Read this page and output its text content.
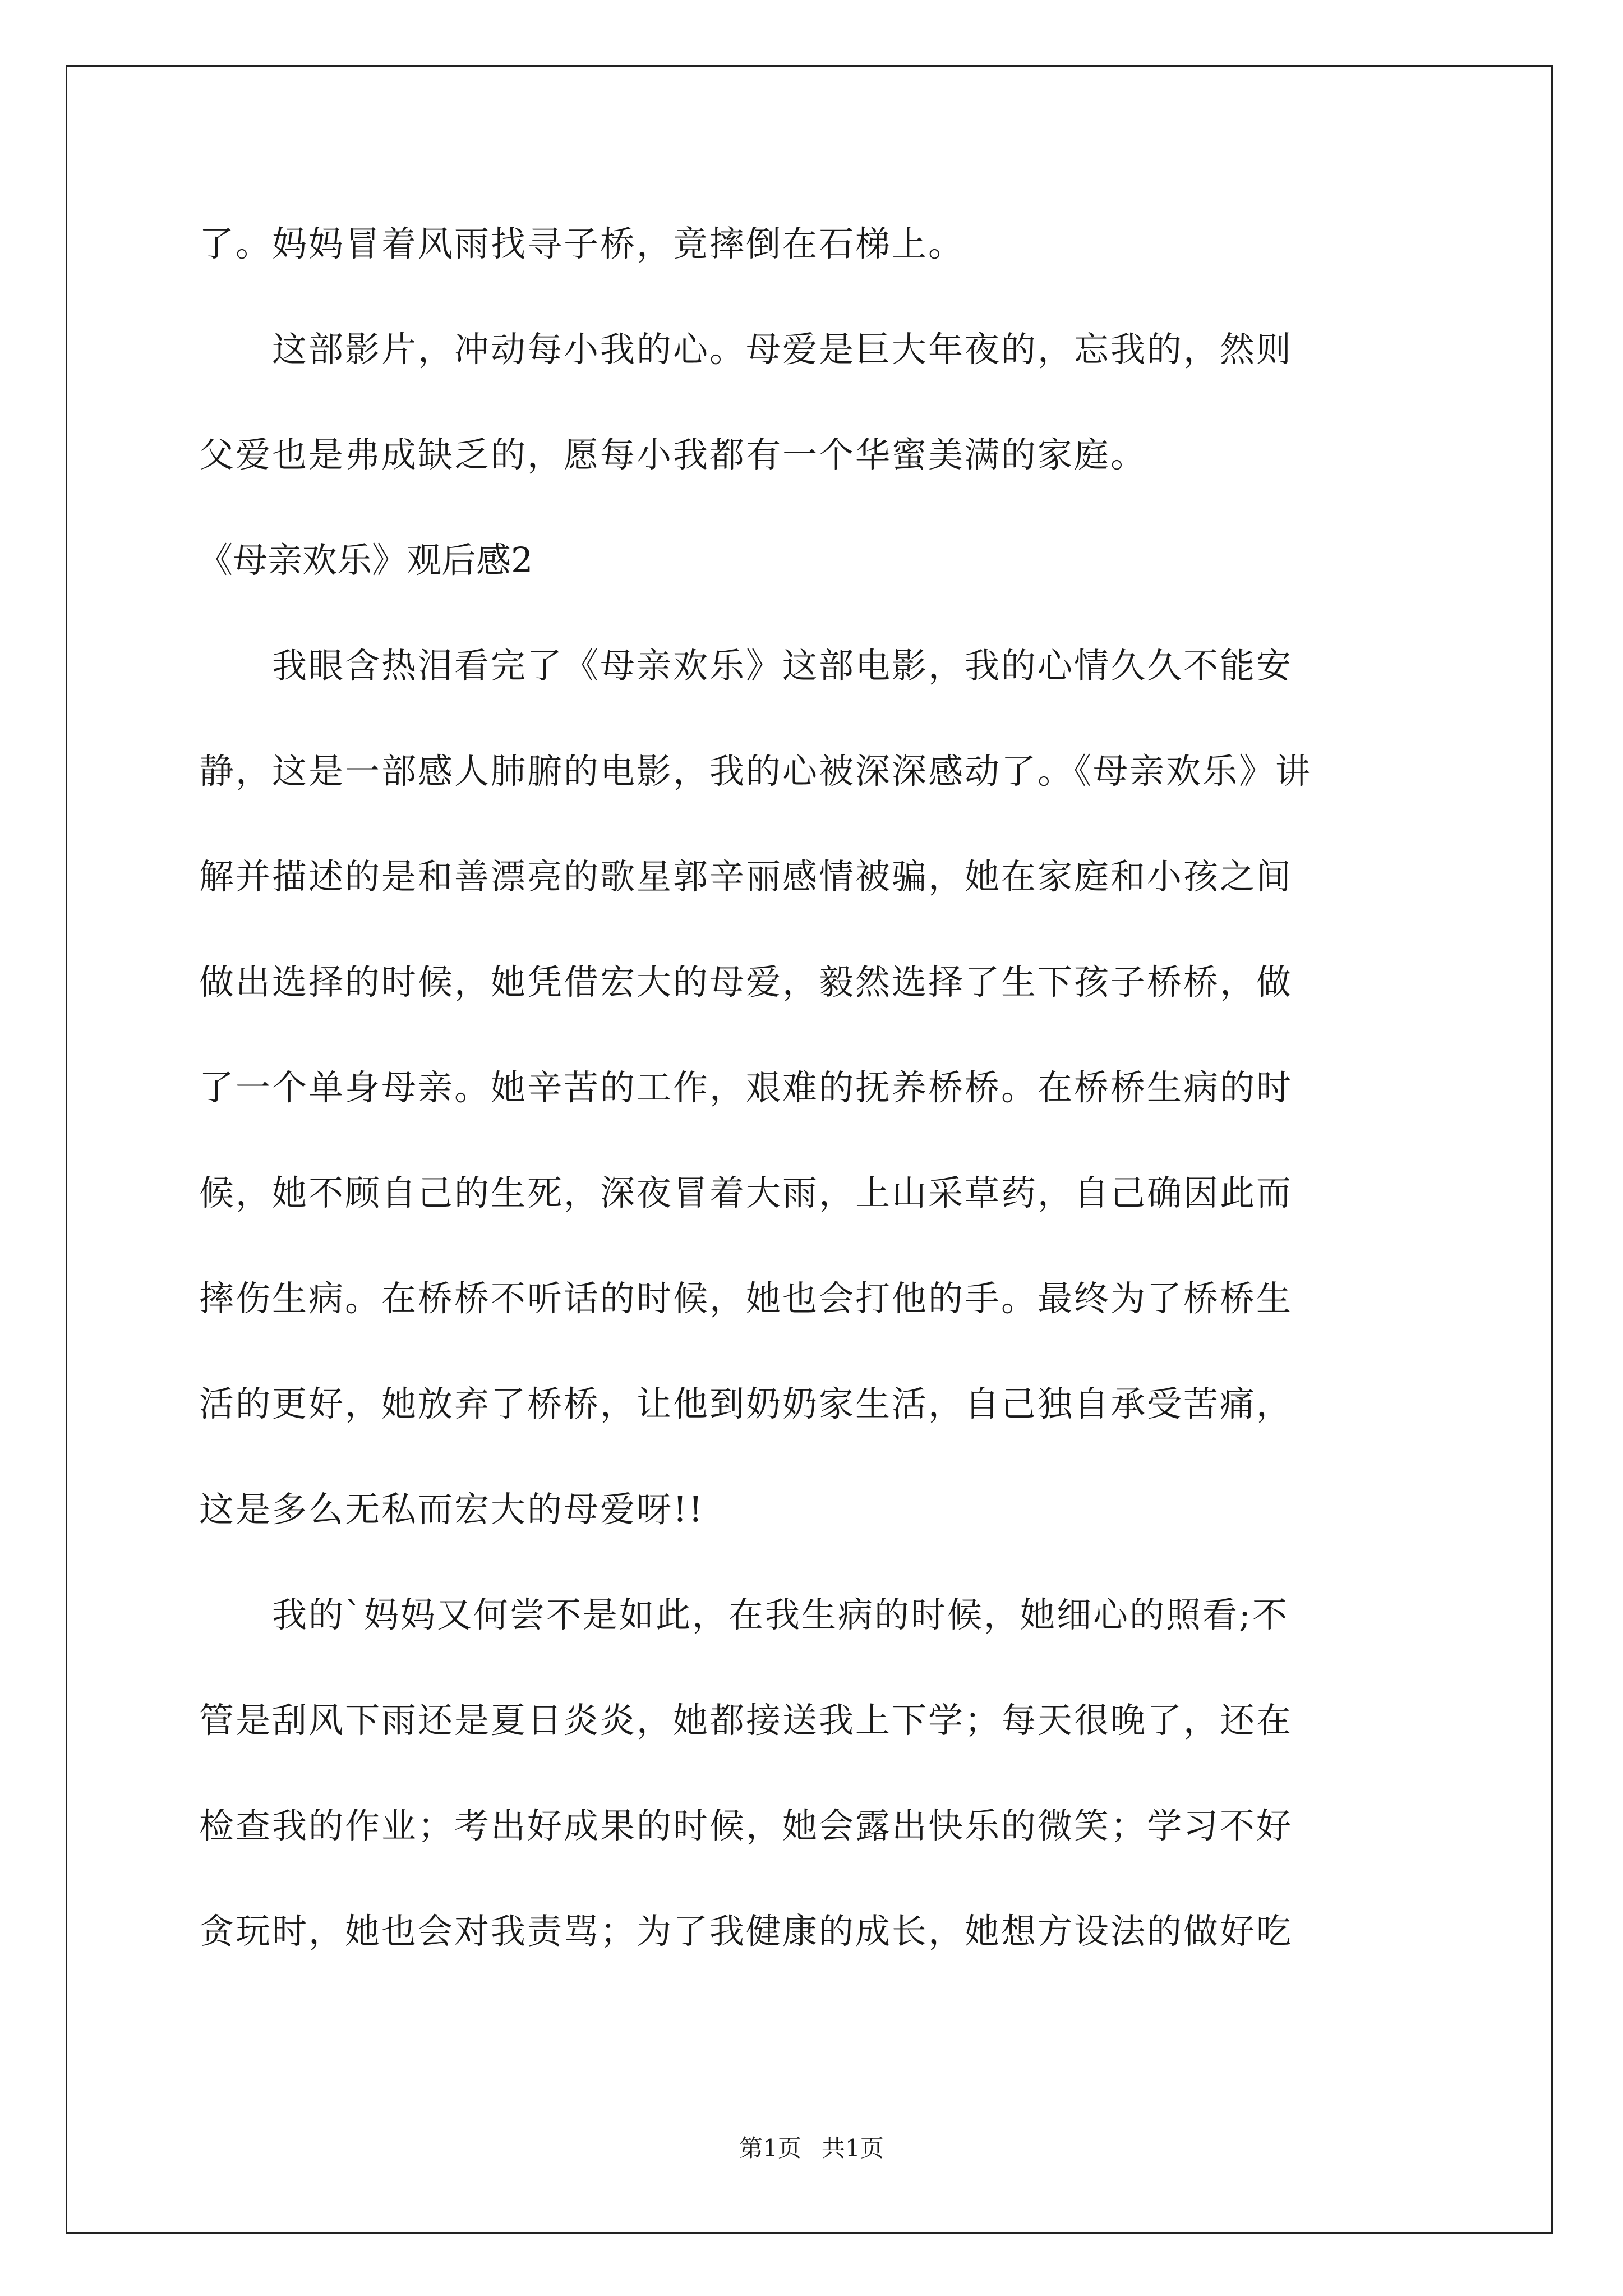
了。妈妈冒着风雨找寻子桥，竟摔倒在石梯上。
这部影片，冲动每小我的心。母爱是巨大年夜的，忘我的，然则
父爱也是弗成缺乏的，愿每小我都有一个华蜜美满的家庭。
《母亲欢乐》观后感2
我眼含热泪看完了《母亲欢乐》这部电影，我的心情久久不能安
静，这是一部感人肺腑的电影，我的心被深深感动了。《母亲欢乐》讲
解并描述的是和善漂亮的歌星郭辛丽感情被骗，她在家庭和小孩之间
做出选择的时候，她凭借宏大的母爱，毅然选择了生下孩子桥桥，做
了一个单身母亲。她辛苦的工作，艰难的抚养桥桥。在桥桥生病的时
候，她不顾自己的生死，深夜冒着大雨，上山采草药，自己确因此而
摔伤生病。在桥桥不听话的时候，她也会打他的手。最终为了桥桥生
活的更好，她放弃了桥桥，让他到奶奶家生活，自己独自承受苦痛，
这是多么无私而宏大的母爱呀!!
我的`妈妈又何尝不是如此，在我生病的时候，她细心的照看;不
管是刮风下雨还是夏日炎炎，她都接送我上下学；每天很晚了，还在
检查我的作业；考出好成果的时候，她会露出快乐的微笑；学习不好
贪玩时，她也会对我责骂；为了我健康的成长，她想方设法的做好吃
第1页 共1页
